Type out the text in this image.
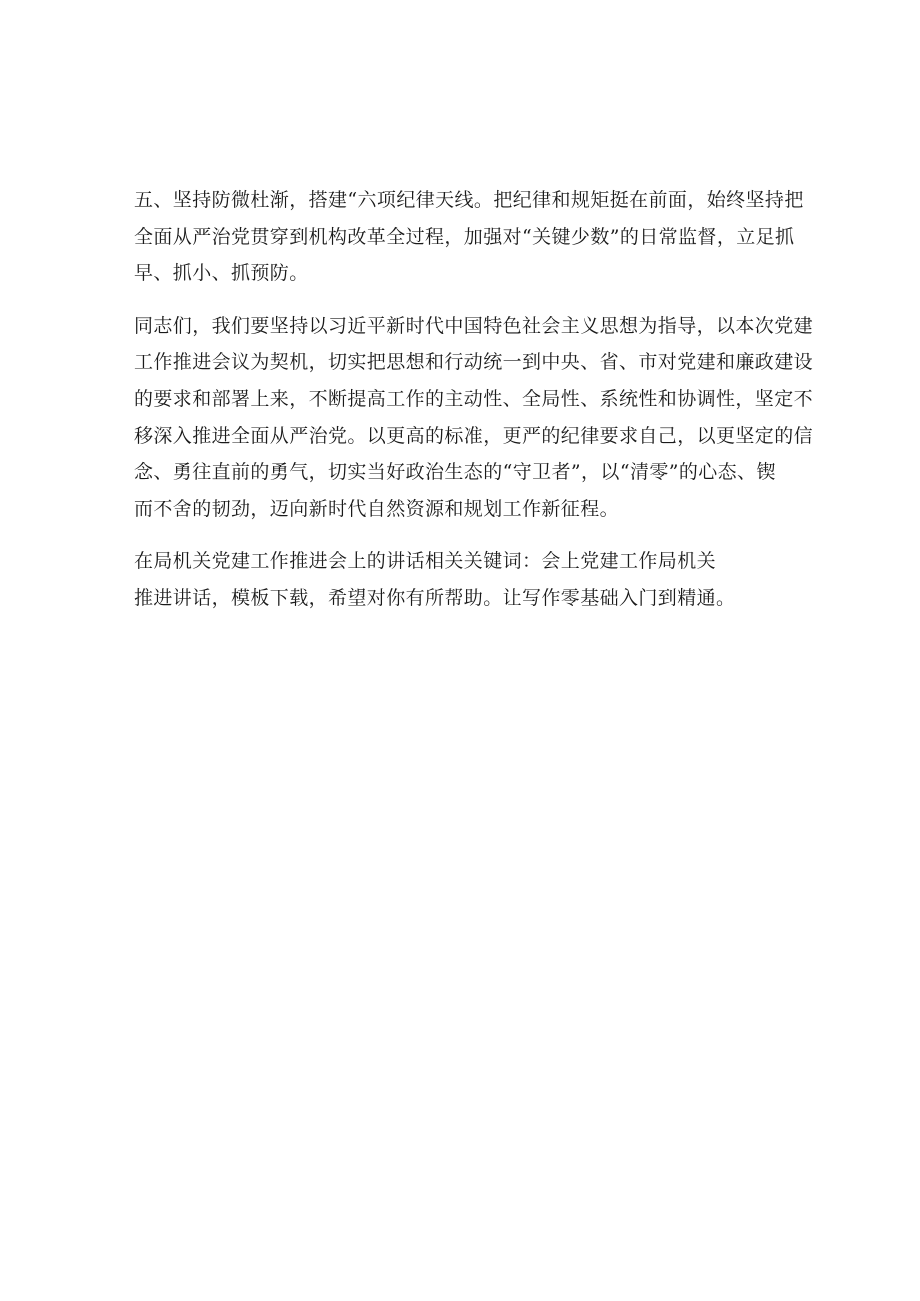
五、坚持防微杜渐，搭建“六项纪律天线。把纪律和规矩挺在前面，始终坚持把
全面从严治党贯穿到机构改革全过程，加强对“关键少数”的日常监督，立足抓
早、抓小、抓预防。

同志们，我们要坚持以习近平新时代中国特色社会主义思想为指导，以本次党建
工作推进会议为契机，切实把思想和行动统一到中央、省、市对党建和廉政建设
的要求和部署上来，不断提高工作的主动性、全局性、系统性和协调性，坚定不
移深入推进全面从严治党。以更高的标准，更严的纪律要求自己，以更坚定的信
念、勇往直前的勇气，切实当好政治生态的“守卫者”，以“清零”的心态、锲
而不舍的韧劲，迈向新时代自然资源和规划工作新征程。

在局机关党建工作推进会上的讲话相关关键词：会上党建工作局机关
推进讲话，模板下载，希望对你有所帮助。让写作零基础入门到精通。
